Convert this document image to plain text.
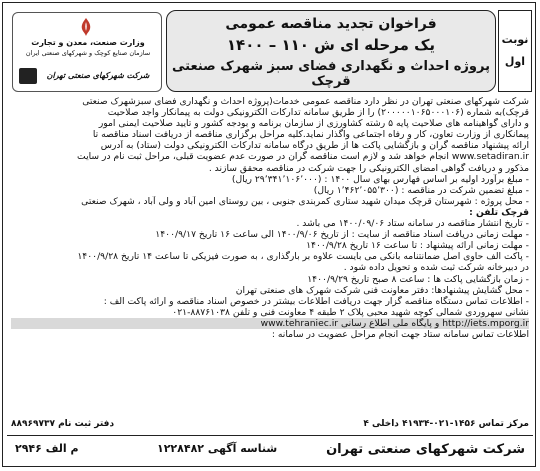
وزارت صنعت، معدن و تجارت
سازمان صنایع کوچک و شهرکهای صنعتی ایران
شرکت شهرکهای صنعتی تهران
فراخوان تجدید مناقصه عمومی
یک مرحله ای ش ۱۱۰ – ۱۴۰۰
پروژه احداث و نگهداری فضای سبز شهرک صنعتی قرچک
نوبت
اول
شرکت شهرکهای صنعتی تهران در نظر دارد مناقصه عمومی خدمات(پروژه احداث و نگهداری فضای سبزشهرک صنعتی
قرچک)به شماره (۲۰۰۰۰۰۱۰۶۵۰۰۰۱۰۶) را از طریق سامانه تدارکات الکترونیکی دولت به پیمانکار واجد صلاحیت
و دارای گواهینامه های صلاحیت پایه ۵ رشته کشاورزی از سازمان برنامه و بودجه کشور و تایید صلاحیت ایمنی امور
پیمانکاری از وزارت تعاون، کار و رفاه اجتماعی واگذار نماید.کلیه مراحل برگزاری مناقصه از دریافت اسناد مناقصه تا
ارائه پیشنهاد مناقصه گران و بازگشایی پاکت ها از طریق درگاه سامانه تدارکات الکترونیکی دولت (ستاد) به آدرس
www.setadiran.ir انجام خواهد شد و لازم است مناقصه گران در صورت عدم عضویت قبلی، مراحل ثبت نام در سایت
مذکور و دریافت گواهی امضای الکترونیکی را جهت شرکت در مناقصه محقق سازند .
- مبلغ برآورد اولیه بر اساس فهارس بهای سال ۱۴۰۰ : (۲۹٬۳۴۱٬۱۰۶٬۰۰۰ ریال)
- مبلغ تضمین شرکت در مناقصه : (۱٬۴۶۲٬۰۵۵٬۳۰۰ ریال)
- محل پروژه : شهرستان قرچک میدان شهید ستاری کمربندی جنوبی ، بین روستای امین آباد و ولی آباد ، شهرک صنعتی
قرچک تلفن :
- تاریخ انتشار مناقصه در سامانه ستاد ۱۴۰۰/۰۹/۰۶ می باشد .
- مهلت زمانی دریافت اسناد مناقصه از سایت : از تاریخ ۱۴۰۰/۹/۰۶ الی ساعت ۱۶ تاریخ ۱۴۰۰/۹/۱۷
- مهلت زمانی ارائه پیشنهاد : تا ساعت ۱۶ تاریخ ۱۴۰۰/۹/۲۸
- پاکت الف حاوی اصل ضمانتنامه بانکی می بایست علاوه بر بارگذاری ، به صورت فیزیکی تا ساعت ۱۴ تاریخ ۱۴۰۰/۹/۲۸
در دبیرخانه شرکت ثبت شده و تحویل داده شود .
- زمان بازگشایی پاکت ها : ساعت ۸ صبح تاریخ ۱۴۰۰/۹/۲۹
- محل گشایش پیشنهادها: دفتر معاونت فنی شرکت شهرک های صنعتی تهران
- اطلاعات تماس دستگاه مناقصه گزار جهت دریافت اطلاعات بیشتر در خصوص اسناد مناقصه و ارائه پاکت الف :
نشانی سهروردی شمالی کوچه شهید محبی پلاک ۲ طبقه ۴ معاونت فنی و تلفن ۸۸۷۶۱۰۳۸-۰۲۱
http://iets.mporg.ir و پایگاه ملی اطلاع رسانی www.tehraniec.ir
اطلاعات تماس سامانه ستاد جهت انجام مراحل عضویت در سامانه :
مرکز تماس ۱۴۵۶-۰۲۱-۴۱۹۳۴ داخلی ۴
دفتر ثبت نام ۸۸۹۶۹۷۳۷
شرکت شهرکهای صنعتی تهران
شناسه آگهی ۱۲۲۸۴۸۲
م الف ۲۹۴۶
